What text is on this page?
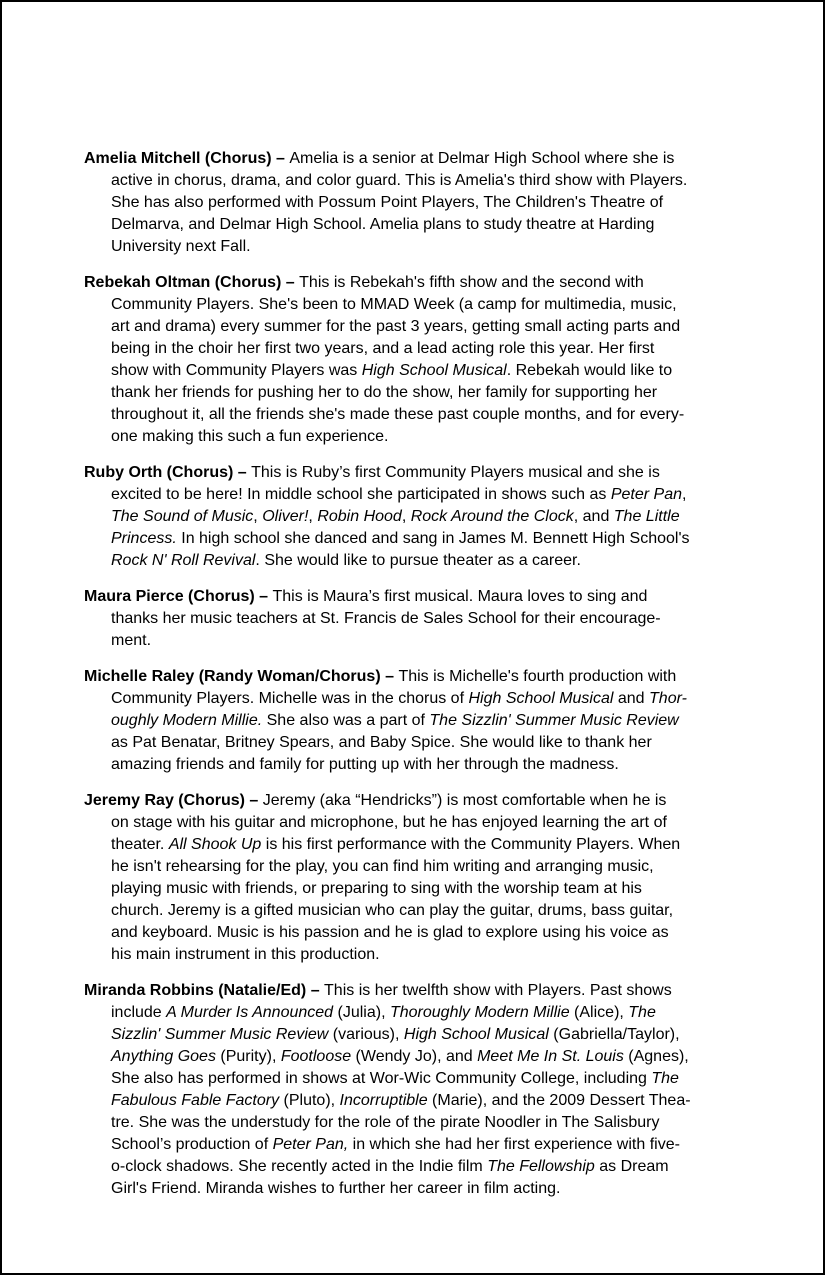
Amelia Mitchell (Chorus) – Amelia is a senior at Delmar High School where she is
active in chorus, drama, and color guard. This is Amelia's third show with Players.
She has also performed with Possum Point Players, The Children's Theatre of
Delmarva, and Delmar High School. Amelia plans to study theatre at Harding
University next Fall.

Rebekah Oltman (Chorus) – This is Rebekah's fifth show and the second with
Community Players. She's been to MMAD Week (a camp for multimedia, music,
art and drama) every summer for the past 3 years, getting small acting parts and
being in the choir her first two years, and a lead acting role this year. Her first
show with Community Players was High School Musical. Rebekah would like to
thank her friends for pushing her to do the show, her family for supporting her
throughout it, all the friends she's made these past couple months, and for every-
one making this such a fun experience.

Ruby Orth (Chorus) – This is Ruby’s first Community Players musical and she is
excited to be here! In middle school she participated in shows such as Peter Pan,
The Sound of Music, Oliver!, Robin Hood, Rock Around the Clock, and The Little
Princess. In high school she danced and sang in James M. Bennett High School's
Rock N' Roll Revival. She would like to pursue theater as a career.

Maura Pierce (Chorus) – This is Maura’s first musical. Maura loves to sing and
thanks her music teachers at St. Francis de Sales School for their encourage-
ment.

Michelle Raley (Randy Woman/Chorus) – This is Michelle's fourth production with
Community Players. Michelle was in the chorus of High School Musical and Thor-
oughly Modern Millie. She also was a part of The Sizzlin' Summer Music Review
as Pat Benatar, Britney Spears, and Baby Spice. She would like to thank her
amazing friends and family for putting up with her through the madness.

Jeremy Ray (Chorus) – Jeremy (aka “Hendricks”) is most comfortable when he is
on stage with his guitar and microphone, but he has enjoyed learning the art of
theater. All Shook Up is his first performance with the Community Players. When
he isn't rehearsing for the play, you can find him writing and arranging music,
playing music with friends, or preparing to sing with the worship team at his
church. Jeremy is a gifted musician who can play the guitar, drums, bass guitar,
and keyboard. Music is his passion and he is glad to explore using his voice as
his main instrument in this production.

Miranda Robbins (Natalie/Ed) – This is her twelfth show with Players. Past shows
include A Murder Is Announced (Julia), Thoroughly Modern Millie (Alice), The
Sizzlin' Summer Music Review (various), High School Musical (Gabriella/Taylor),
Anything Goes (Purity), Footloose (Wendy Jo), and Meet Me In St. Louis (Agnes),
She also has performed in shows at Wor-Wic Community College, including The
Fabulous Fable Factory (Pluto), Incorruptible (Marie), and the 2009 Dessert Thea-
tre. She was the understudy for the role of the pirate Noodler in The Salisbury
School’s production of Peter Pan, in which she had her first experience with five-
o-clock shadows. She recently acted in the Indie film The Fellowship as Dream
Girl's Friend. Miranda wishes to further her career in film acting.
